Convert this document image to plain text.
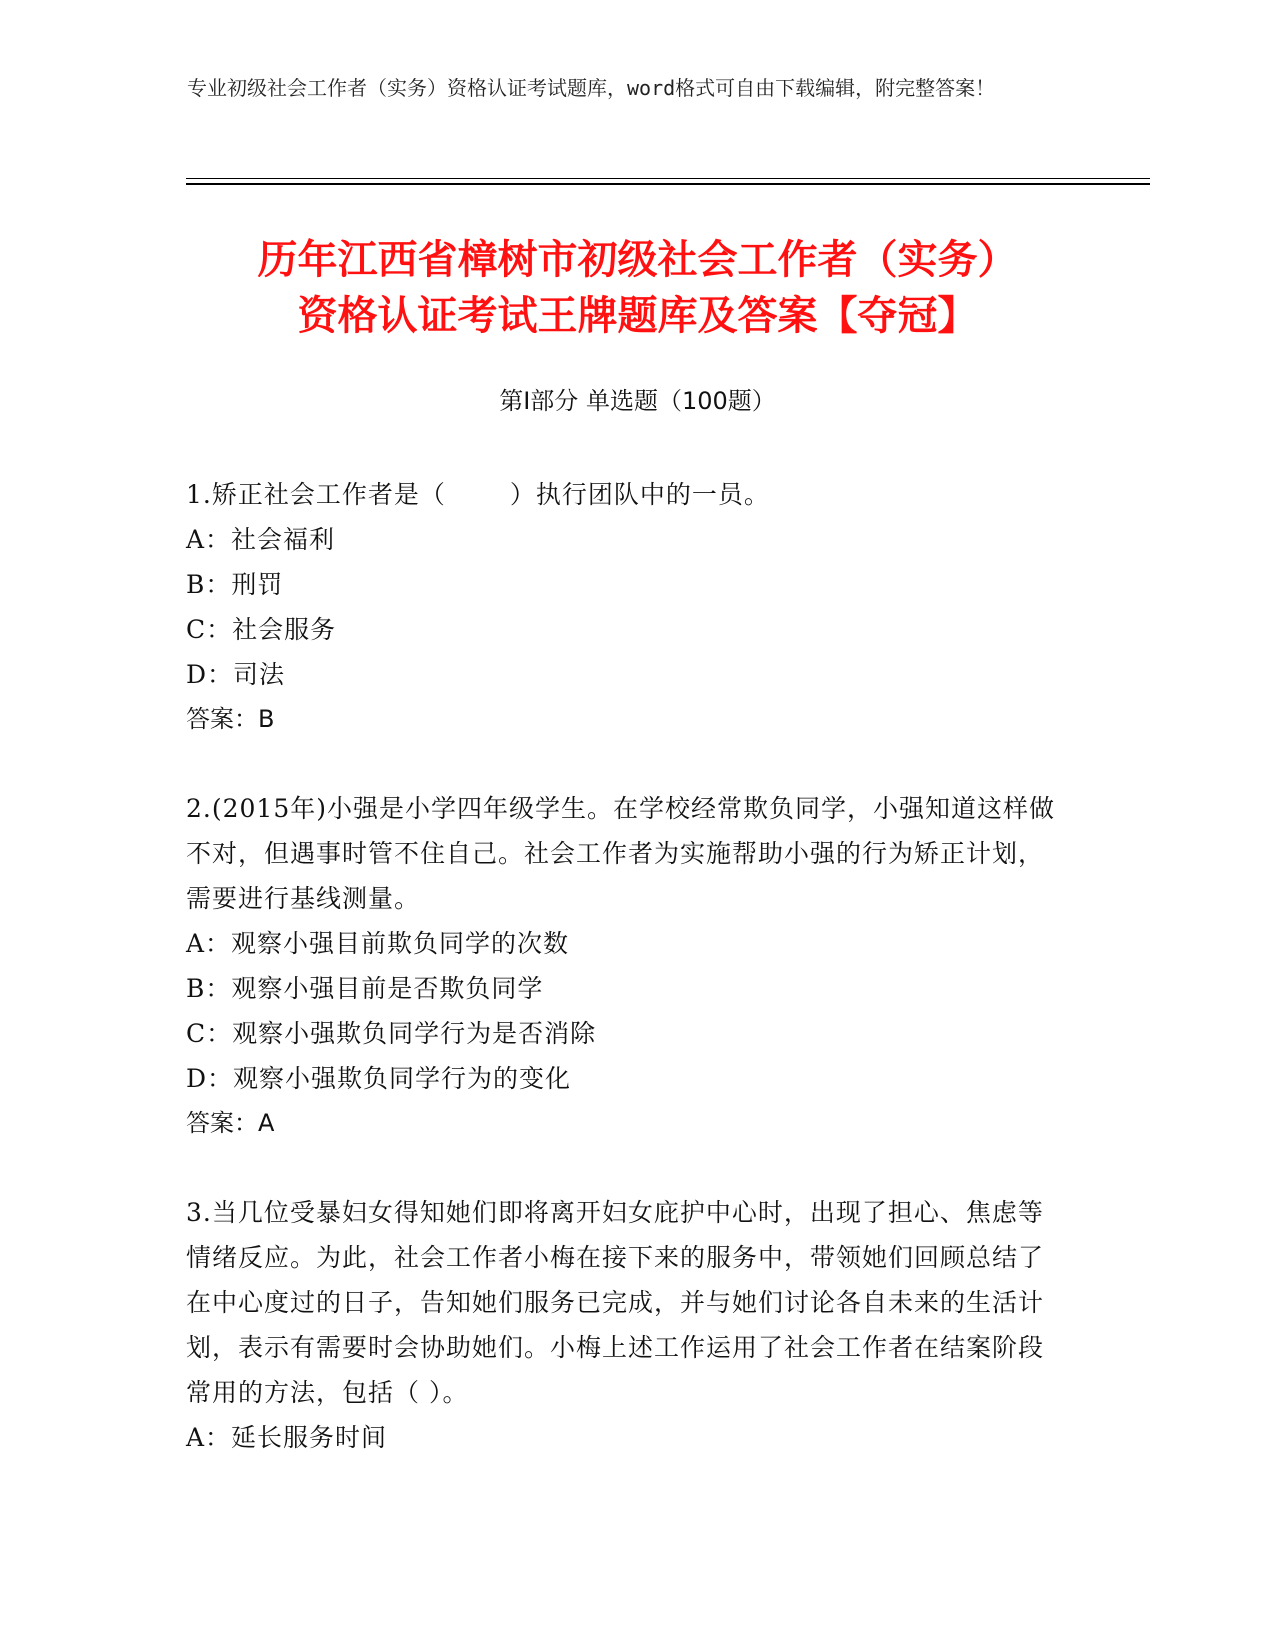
专业初级社会工作者（实务）资格认证考试题库，word格式可自由下载编辑，附完整答案！
历年江西省樟树市初级社会工作者（实务）
资格认证考试王牌题库及答案【夺冠】
第Ⅰ部分 单选题（100题）

1.矫正社会工作者是（	）执行团队中的一员。

A：社会福利

B：刑罚

C：社会服务

D：司法

答案：B

2.(2015年)小强是小学四年级学生。在学校经常欺负同学，小强知道这样做不对，但遇事时管不住自己。社会工作者为实施帮助小强的行为矫正计划，需要进行基线测量。

A：观察小强目前欺负同学的次数

B：观察小强目前是否欺负同学

C：观察小强欺负同学行为是否消除

D：观察小强欺负同学行为的变化

答案：A

3.当几位受暴妇女得知她们即将离开妇女庇护中心时，出现了担心、焦虑等情绪反应。为此，社会工作者小梅在接下来的服务中，带领她们回顾总结了在中心度过的日子，告知她们服务已完成，并与她们讨论各自未来的生活计划，表示有需要时会协助她们。小梅上述工作运用了社会工作者在结案阶段常用的方法，包括（ ）。

A：延长服务时间
